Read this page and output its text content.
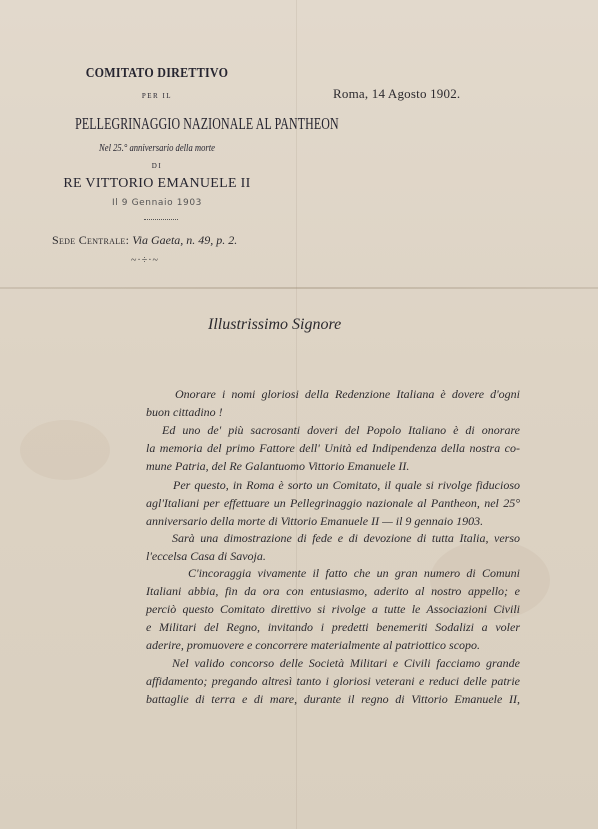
COMITATO DIRETTIVO
PER IL
PELLEGRINAGGIO NAZIONALE AL PANTHEON
Nel 25.° anniversario della morte
DI
RE VITTORIO EMANUELE II
Il 9 Gennaio 1903
Sede Centrale: Via Gaeta, n. 49, p. 2.
~·÷·~
Roma, 14 Agosto 1902.
Illustrissimo Signore
Onorare i nomi gloriosi della Redenzione Italiana è dovere d'ogni
buon cittadino !
Ed uno de' più sacrosanti doveri del Popolo Italiano è di onorare
la memoria del primo Fattore dell' Unità ed Indipendenza della nostra co-
mune Patria, del Re Galantuomo Vittorio Emanuele II.
Per questo, in Roma è sorto un Comitato, il quale si rivolge fiducioso
agl'Italiani per effettuare un Pellegrinaggio nazionale al Pantheon, nel 25°
anniversario della morte di Vittorio Emanuele II — il 9 gennaio 1903.
Sarà una dimostrazione di fede e di devozione di tutta Italia, verso
l'eccelsa Casa di Savoja.
C'incoraggia vivamente il fatto che un gran numero di Comuni
Italiani abbia, fin da ora con entusiasmo, aderito al nostro appello; e
perciò questo Comitato direttivo si rivolge a tutte le Associazioni Civili
e Militari del Regno, invitando i predetti benemeriti Sodalizi a voler
aderire, promuovere e concorrere materialmente al patriottico scopo.
Nel valido concorso delle Società Militari e Civili facciamo grande
affidamento; pregando altresì tanto i gloriosi veterani e reduci delle patrie
battaglie di terra e di mare, durante il regno di Vittorio Emanuele II,
